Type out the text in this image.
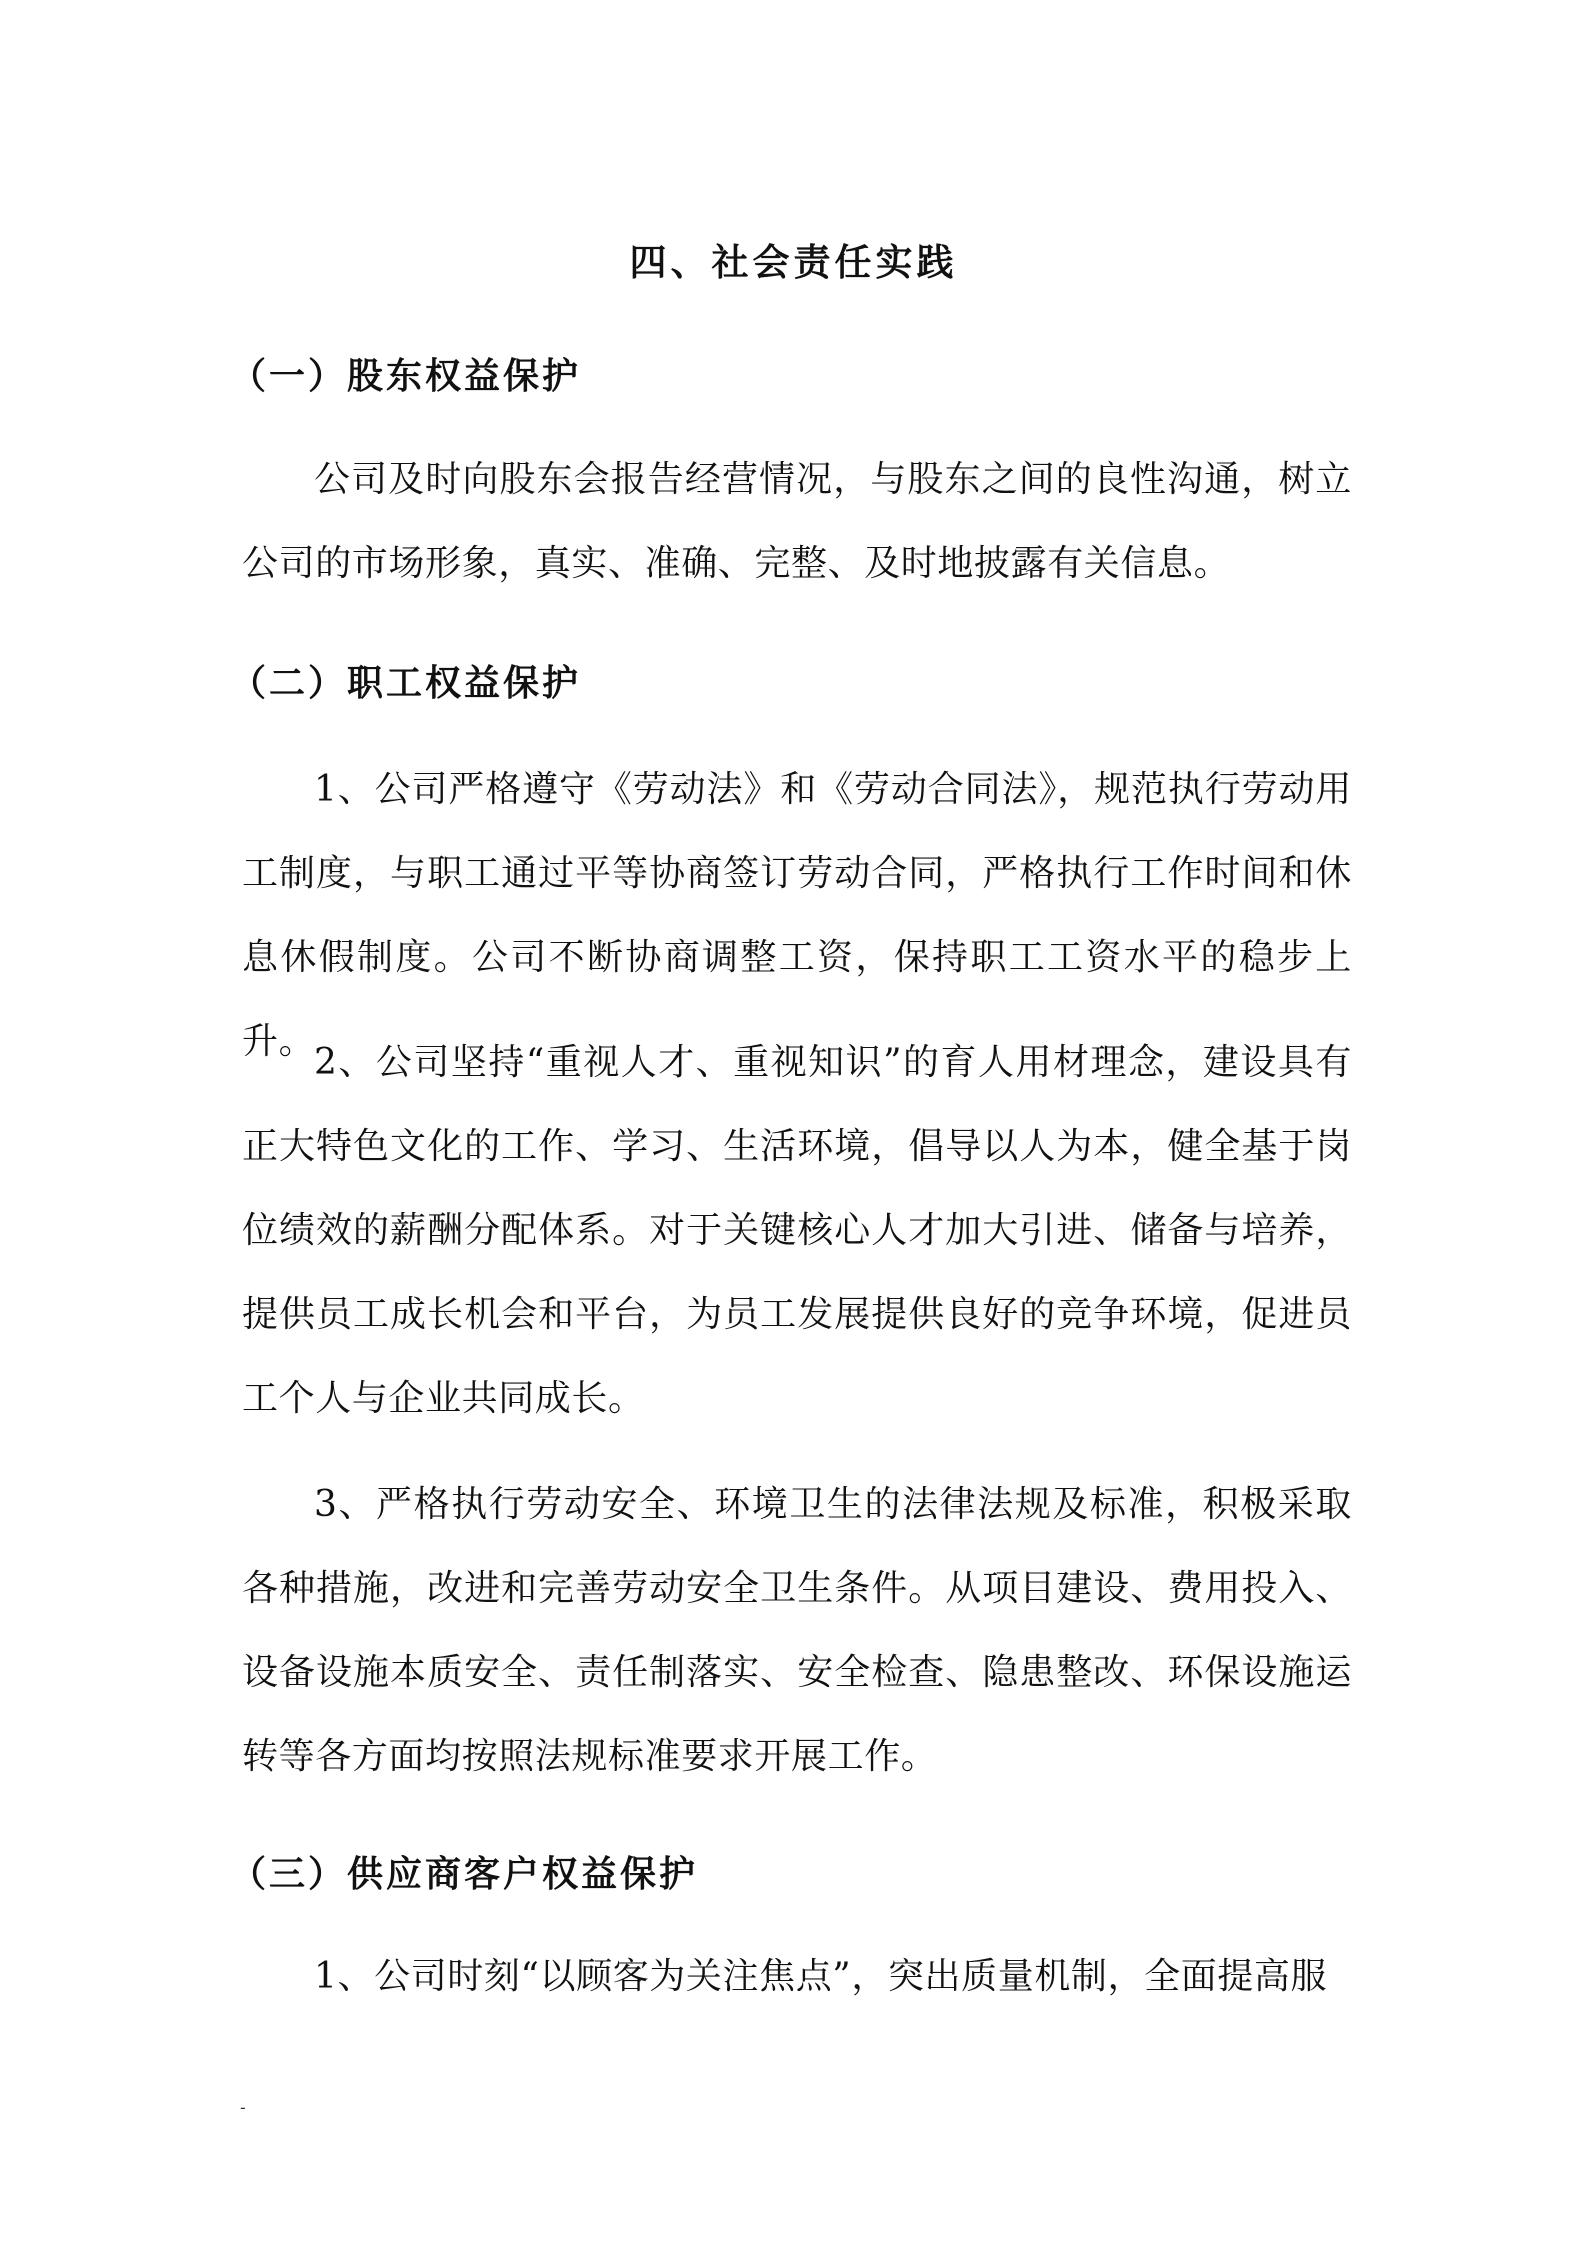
四、社会责任实践
（一）股东权益保护
公司及时向股东会报告经营情况，与股东之间的良性沟通，树立公司的市场形象，真实、准确、完整、及时地披露有关信息。
（二）职工权益保护
1、公司严格遵守《劳动法》和《劳动合同法》，规范执行劳动用工制度，与职工通过平等协商签订劳动合同，严格执行工作时间和休息休假制度。公司不断协商调整工资，保持职工工资水平的稳步上升。
2、公司坚持“重视人才、重视知识”的育人用材理念，建设具有正大特色文化的工作、学习、生活环境，倡导以人为本，健全基于岗位绩效的薪酬分配体系。对于关键核心人才加大引进、储备与培养，提供员工成长机会和平台，为员工发展提供良好的竞争环境，促进员工个人与企业共同成长。
3、严格执行劳动安全、环境卫生的法律法规及标准，积极采取各种措施，改进和完善劳动安全卫生条件。从项目建设、费用投入、设备设施本质安全、责任制落实、安全检查、隐患整改、环保设施运转等各方面均按照法规标准要求开展工作。
（三）供应商客户权益保护
1、公司时刻“以顾客为关注焦点”，突出质量机制，全面提高服
-
